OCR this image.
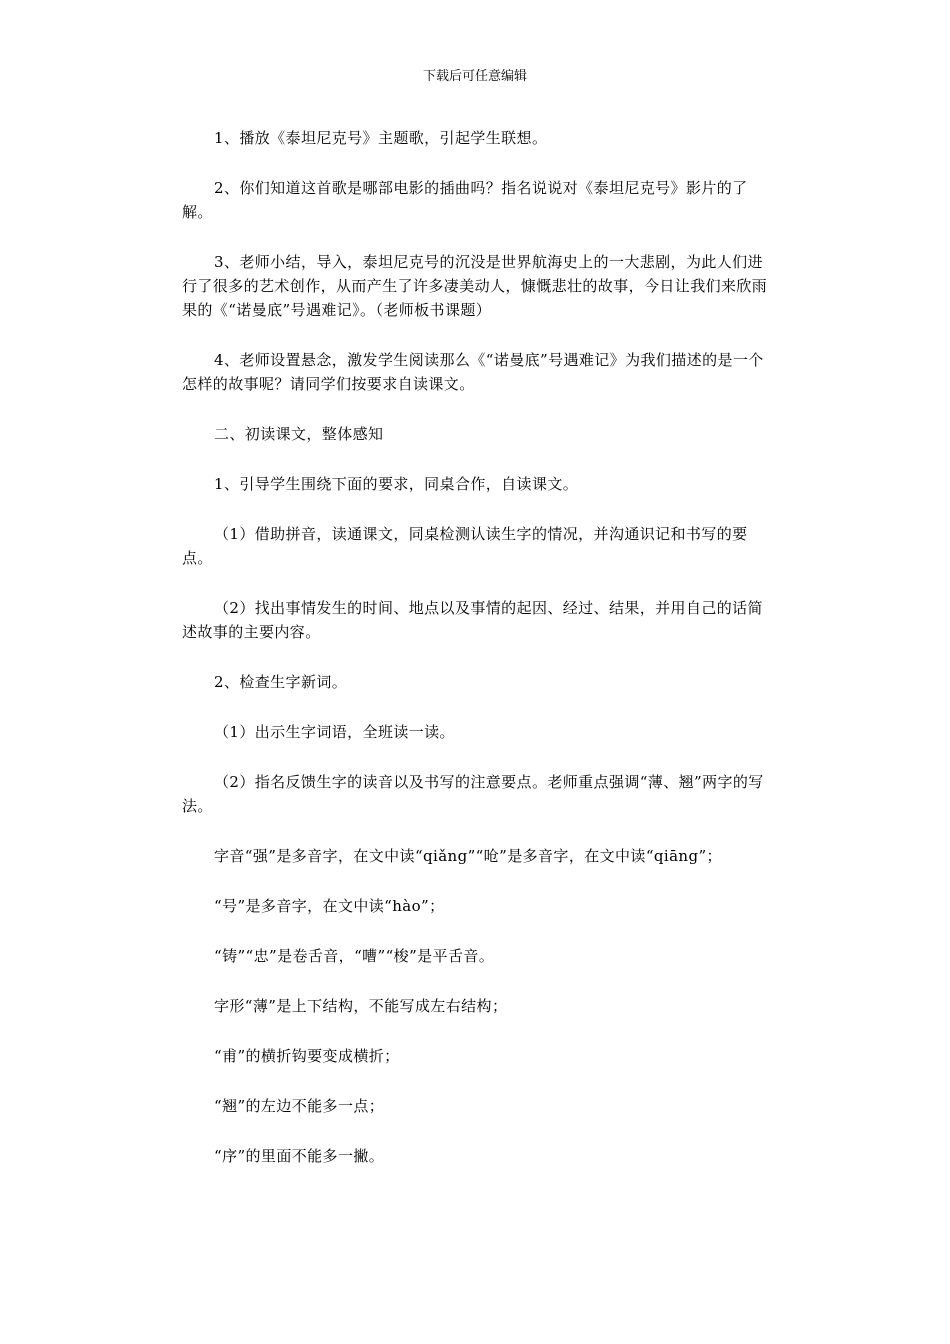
下载后可任意编辑

1、播放《泰坦尼克号》主题歌，引起学生联想。

2、你们知道这首歌是哪部电影的插曲吗？指名说说对《泰坦尼克号》影片的了解。

3、老师小结，导入，泰坦尼克号的沉没是世界航海史上的一大悲剧，为此人们进行了很多的艺术创作，从而产生了许多凄美动人，慷慨悲壮的故事，今日让我们来欣雨果的《“诺曼底”号遇难记》。（老师板书课题）

4、老师设置悬念，激发学生阅读那么《“诺曼底”号遇难记》为我们描述的是一个怎样的故事呢？请同学们按要求自读课文。

二、初读课文，整体感知

1、引导学生围绕下面的要求，同桌合作，自读课文。

（1）借助拼音，读通课文，同桌检测认读生字的情况，并沟通识记和书写的要点。

（2）找出事情发生的时间、地点以及事情的起因、经过、结果，并用自己的话简述故事的主要内容。

2、检查生字新词。

（1）出示生字词语，全班读一读。

（2）指名反馈生字的读音以及书写的注意要点。老师重点强调“薄、翘”两字的写法。

字音“强”是多音字，在文中读“qiǎng”“呛”是多音字，在文中读“qiāng”；

“号”是多音字，在文中读“hào”；

“铸”“忠”是卷舌音，“嘈”“梭”是平舌音。

字形“薄”是上下结构，不能写成左右结构；

“甫”的横折钩要变成横折；

“翘”的左边不能多一点；

“序”的里面不能多一撇。
